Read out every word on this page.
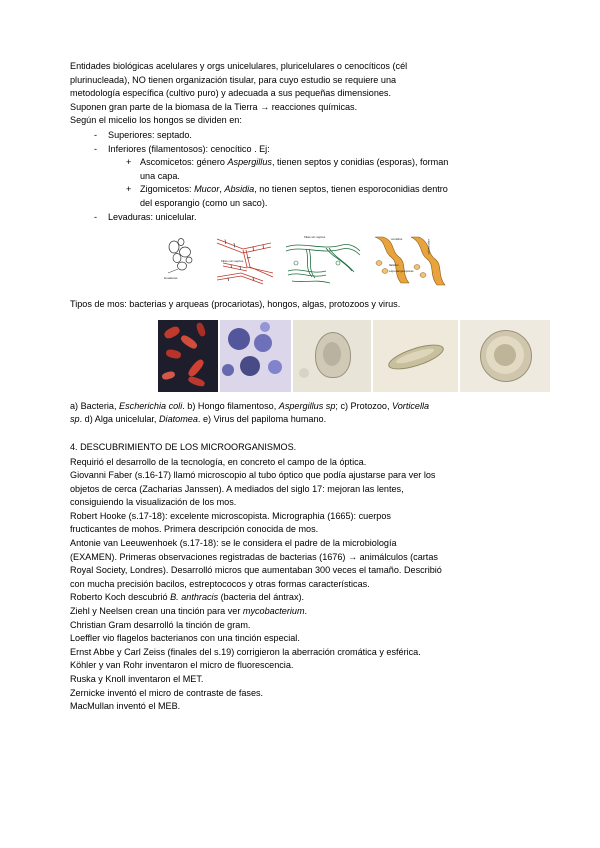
Entidades biológicas acelulares y orgs unicelulares, pluricelulares o cenocíticos (cél
plurinucleada), NO tienen organización tisular, para cuyo estudio se requiere una
metodología específica (cultivo puro) y adecuada a sus pequeñas dimensiones.
Suponen gran parte de la biomasa de la Tierra → reacciones químicas.
Según el micelio los hongos se dividen en:
- Superiores: septado.
- Inferiores (filamentosos): cenocítico . Ej:
+ Ascomicetos: género Aspergillus, tienen septos y conidias (esporas), forman
una capa.
+ Zigomicetos: Mucor, Absidia, no tienen septos, tienen esporoconidias dentro
del esporangio (como un saco).
- Levaduras: unicelular.
levaduras
hifas con septos
hifas sin septos	conidios	esporangio
fialides
esporangiosporas
Tipos de mos: bacterias y arqueas (procariotas), hongos, algas, protozoos y virus.
a) Bacteria, Escherichia coli. b) Hongo filamentoso, Aspergillus sp; c) Protozoo, Vorticella
sp. d) Alga unicelular, Diatomea. e) Virus del papiloma humano.
4. DESCUBRIMIENTO DE LOS MICROORGANISMOS.
Requirió el desarrollo de la tecnología, en concreto el campo de la óptica.
Giovanni Faber (s.16-17) llamó microscopio al tubo óptico que podía ajustarse para ver los
objetos de cerca (Zacharias Janssen). A mediados del siglo 17: mejoran las lentes,
consiguiendo la visualización de los mos.
Robert Hooke (s.17-18): excelente microscopista. Micrographia (1665): cuerpos
fructicantes de mohos. Primera descripción conocida de mos.
Antonie van Leeuwenhoek (s.17-18): se le considera el padre de la microbiología
(EXAMEN). Primeras observaciones registradas de bacterias (1676) → animálculos (cartas
Royal Society, Londres). Desarrolló micros que aumentaban 300 veces el tamaño. Describió
con mucha precisión bacilos, estreptococos y otras formas características.
Roberto Koch descubrió B. anthracis (bacteria del ántrax).
Ziehl y Neelsen crean una tinción para ver mycobacterium.
Christian Gram desarrolló la tinción de gram.
Loeffler vio flagelos bacterianos con una tinción especial.
Ernst Abbe y Carl Zeiss (finales del s.19) corrigieron la aberración cromática y esférica.
Köhler y van Rohr inventaron el micro de fluorescencia.
Ruska y Knoll inventaron el MET.
Zernicke inventó el micro de contraste de fases.
MacMullan inventó el MEB.
